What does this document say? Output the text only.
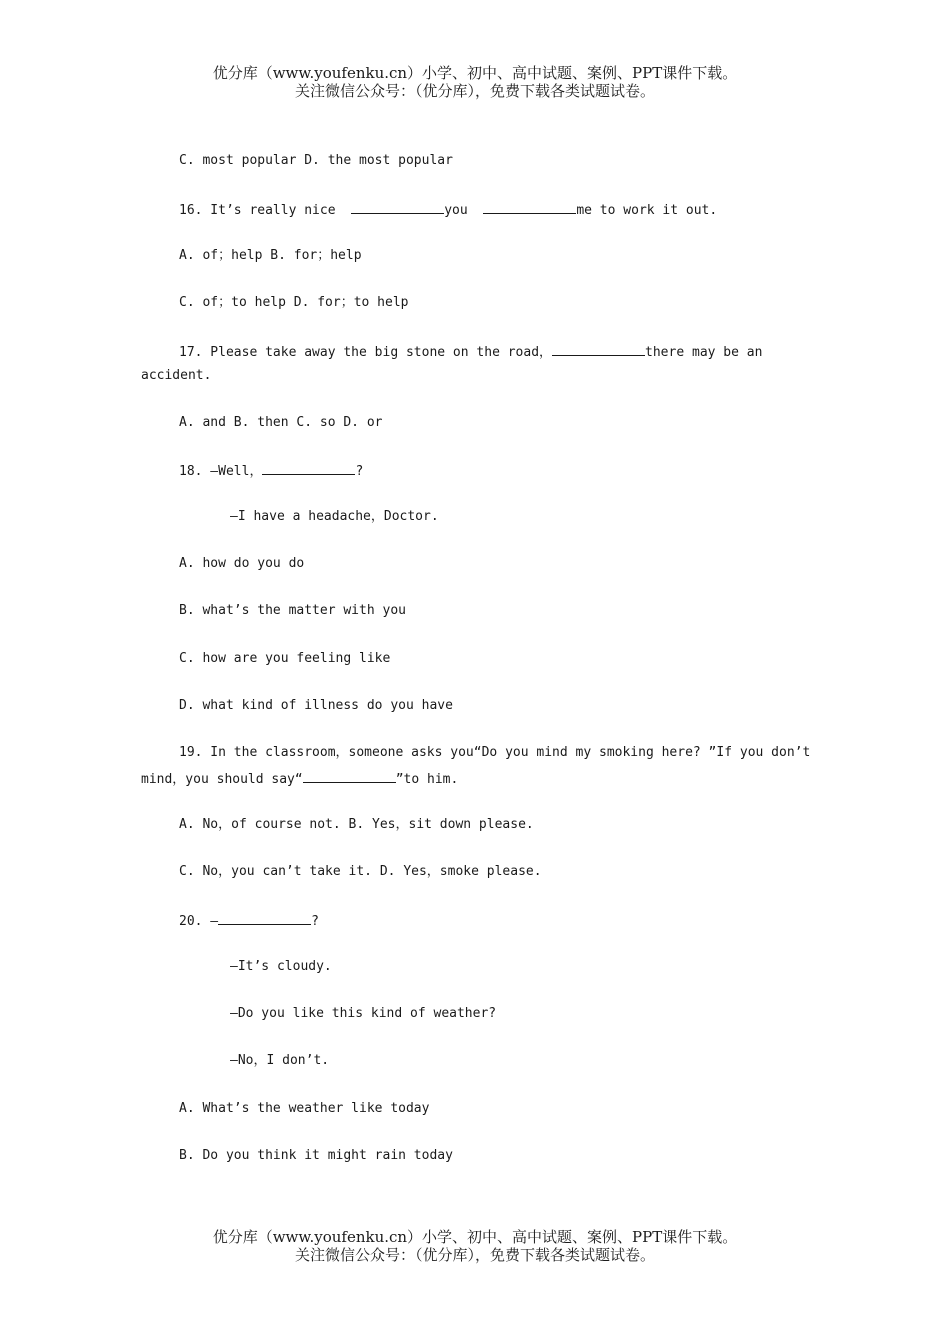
优分库（www.youfenku.cn）小学、初中、高中试题、案例、PPT课件下载。
关注微信公众号：（优分库），免费下载各类试题试卷。
C. most popular D. the most popular
16. It’s really nice	you	me to work it out.
A. of；help B. for；help
C. of；to help D. for；to help
17. Please take away the big stone on the road，	there may be an
accident.
A. and B. then C. so D. or
18. —Well，	?
—I have a headache，Doctor.
A. how do you do
B. what’s the matter with you
C. how are you feeling like
D. what kind of illness do you have
19. In the classroom，someone asks you“Do you mind my smoking here? ”If you don’t
mind，you should say“	”to him.
A. No，of course not. B. Yes，sit down please.
C. No，you can’t take it. D. Yes，smoke please.
20. —	?
—It’s cloudy.
—Do you like this kind of weather?
—No，I don’t.
A. What’s the weather like today
B. Do you think it might rain today
优分库（www.youfenku.cn）小学、初中、高中试题、案例、PPT课件下载。
关注微信公众号：（优分库），免费下载各类试题试卷。
